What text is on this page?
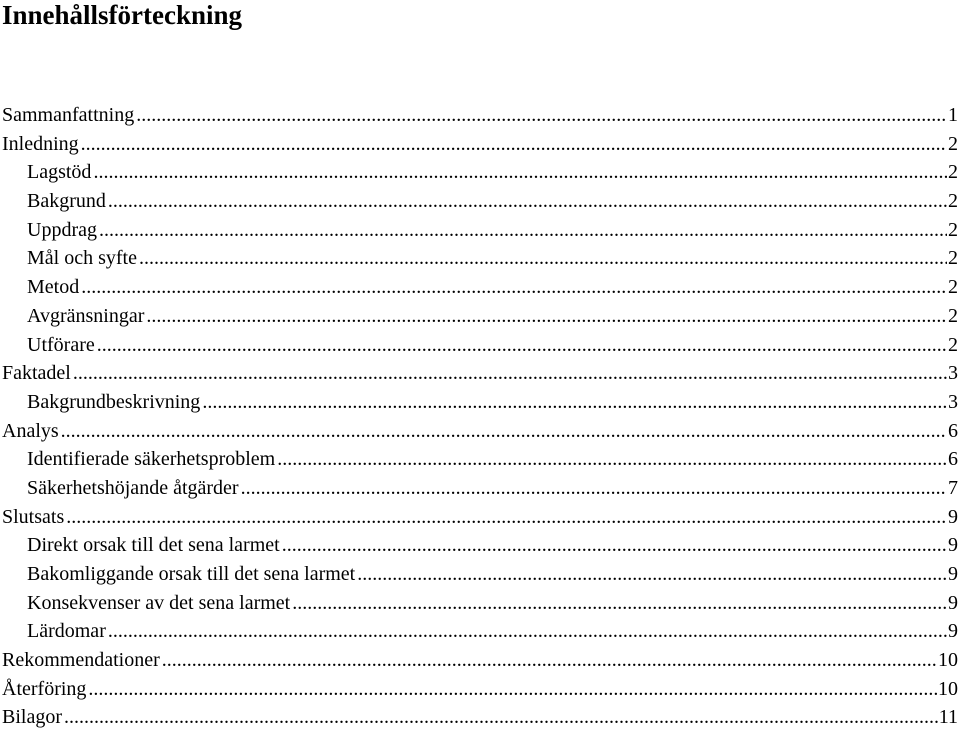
Innehållsförteckning
Sammanfattning .....	1
Inledning .....	2
Lagstöd .....	2
Bakgrund .....	2
Uppdrag .....	2
Mål och syfte .....	2
Metod .....	2
Avgränsningar .....	2
Utförare .....	2
Faktadel .....	3
Bakgrundbeskrivning .....	3
Analys .....	6
Identifierade säkerhetsproblem .....	6
Säkerhetshöjande åtgärder .....	7
Slutsats .....	9
Direkt orsak till det sena larmet .....	9
Bakomliggande orsak till det sena larmet .....	9
Konsekvenser av det sena larmet .....	9
Lärdomar .....	9
Rekommendationer .....	10
Återföring .....	10
Bilagor .....	11
